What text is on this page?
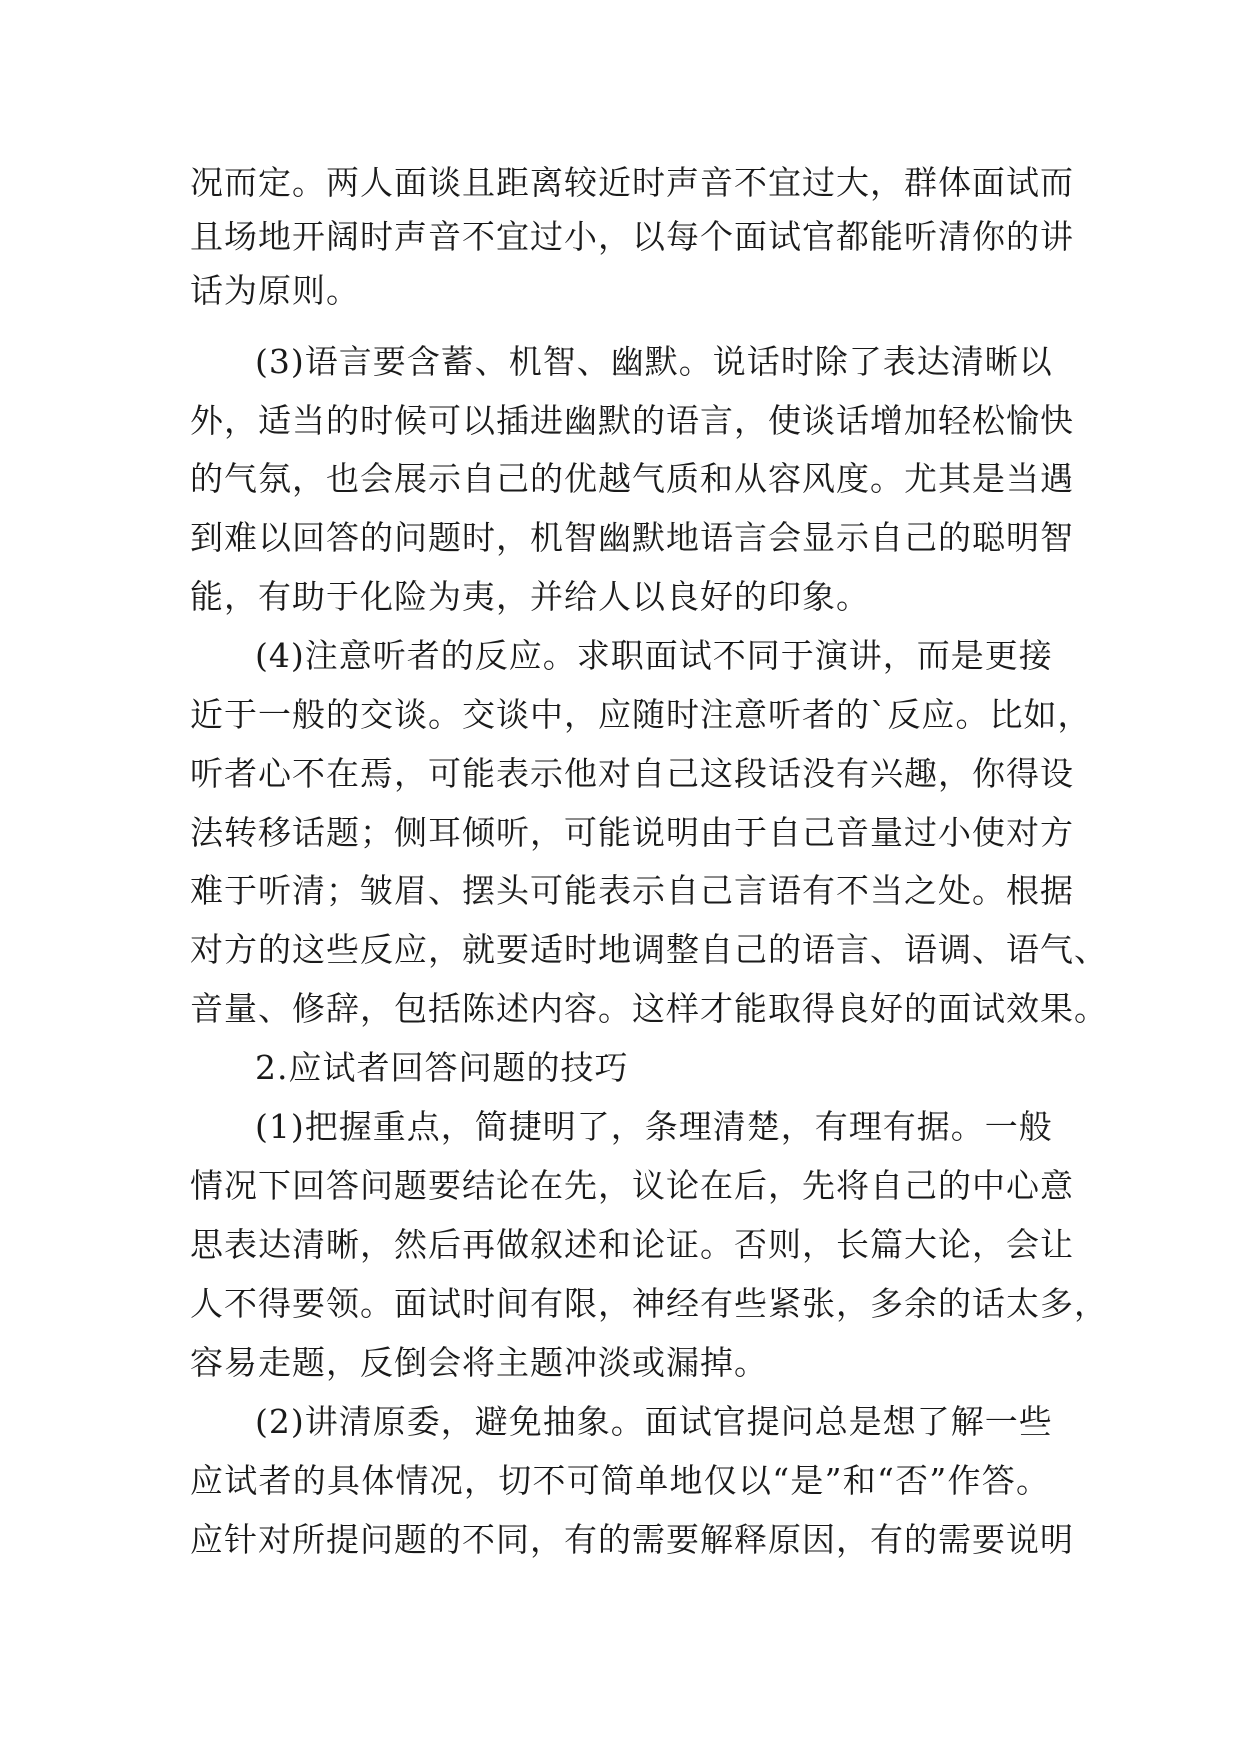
况而定。两人面谈且距离较近时声音不宜过大，群体面试而
且场地开阔时声音不宜过小，以每个面试官都能听清你的讲
话为原则。
(3)语言要含蓄、机智、幽默。说话时除了表达清晰以
外，适当的时候可以插进幽默的语言，使谈话增加轻松愉快
的气氛，也会展示自己的优越气质和从容风度。尤其是当遇
到难以回答的问题时，机智幽默地语言会显示自己的聪明智
能，有助于化险为夷，并给人以良好的印象。
(4)注意听者的反应。求职面试不同于演讲，而是更接
近于一般的交谈。交谈中，应随时注意听者的`反应。比如，
听者心不在焉，可能表示他对自己这段话没有兴趣，你得设
法转移话题；侧耳倾听，可能说明由于自己音量过小使对方
难于听清；皱眉、摆头可能表示自己言语有不当之处。根据
对方的这些反应，就要适时地调整自己的语言、语调、语气、
音量、修辞，包括陈述内容。这样才能取得良好的面试效果。
2.应试者回答问题的技巧
(1)把握重点，简捷明了，条理清楚，有理有据。一般
情况下回答问题要结论在先，议论在后，先将自己的中心意
思表达清晰，然后再做叙述和论证。否则，长篇大论，会让
人不得要领。面试时间有限，神经有些紧张，多余的话太多，
容易走题，反倒会将主题冲淡或漏掉。
(2)讲清原委，避免抽象。面试官提问总是想了解一些
应试者的具体情况，切不可简单地仅以“是”和“否”作答。
应针对所提问题的不同，有的需要解释原因，有的需要说明
